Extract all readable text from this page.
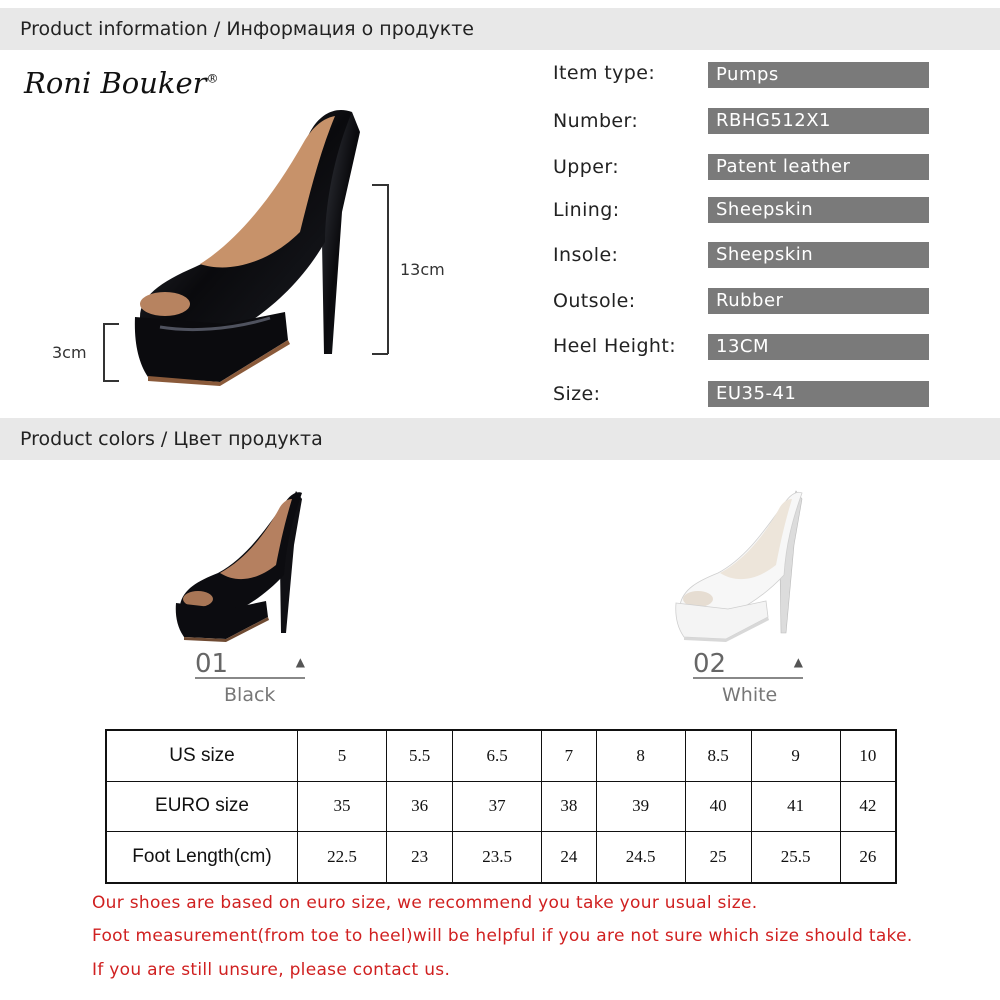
Product information / Информация о продукте
Roni Bouker®
13cm
3cm
Item type:	Pumps
Number:	RBHG512X1
Upper:	Patent leather
Lining:	Sheepskin
Insole:	Sheepskin
Outsole:	Rubber
Heel Height:	13CM
Size:	EU35-41
Product colors / Цвет продукта
01	▲
Black
02	▲
White
US size	5	5.5	6.5	7	8	8.5	9	10
EURO size	35	36	37	38	39	40	41	42
Foot Length(cm)	22.5	23	23.5	24	24.5	25	25.5	26
Our shoes are based on euro size, we recommend you take your usual size.
Foot measurement(from toe to heel)will be helpful if you are not sure which size should take.
If you are still unsure, please contact us.
